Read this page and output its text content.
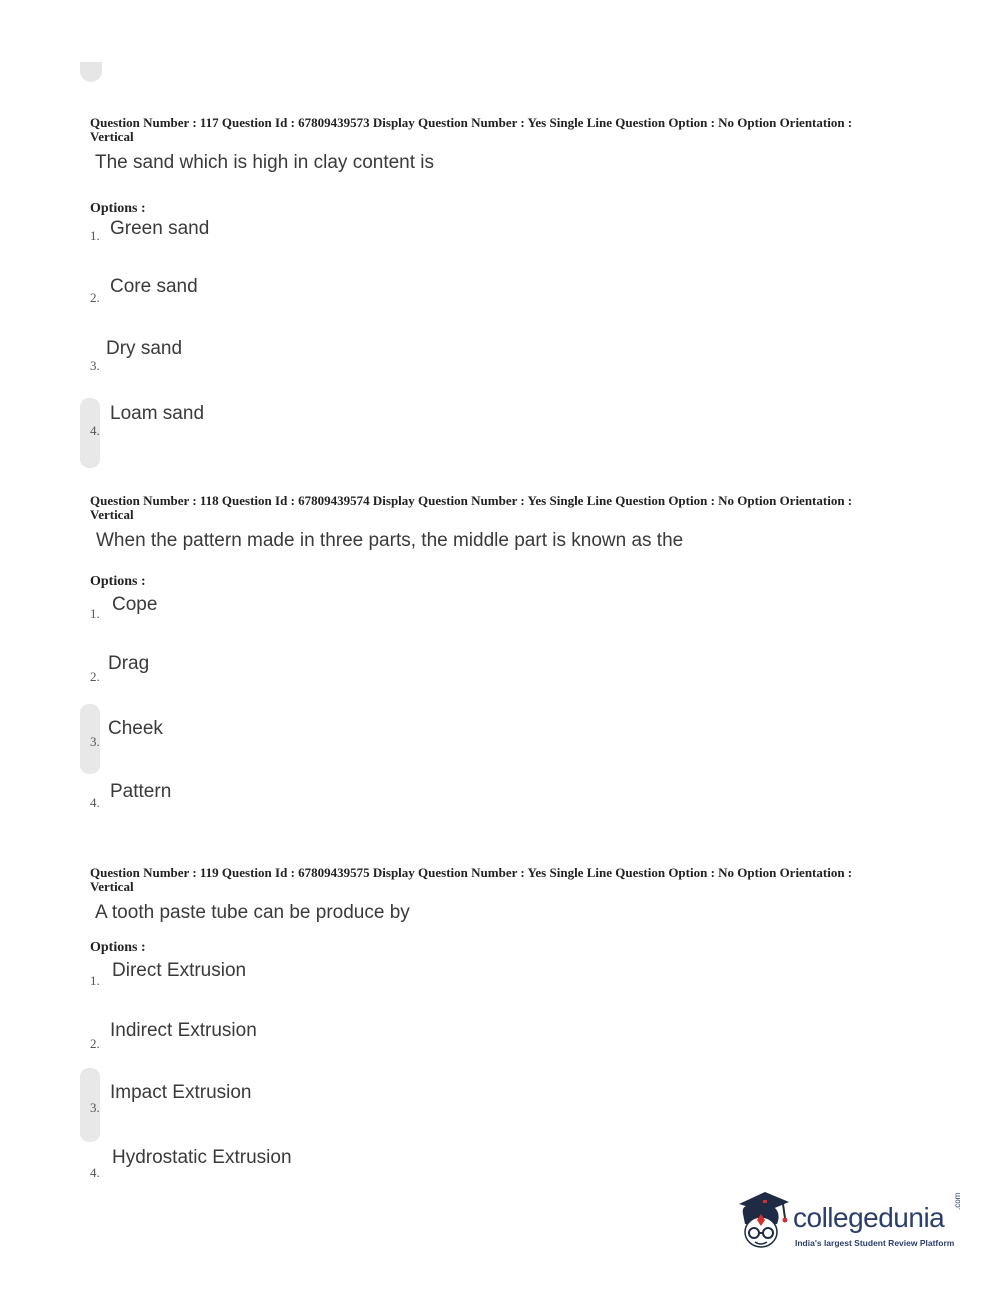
Question Number : 117 Question Id : 67809439573 Display Question Number : Yes Single Line Question Option : No Option Orientation : Vertical

The sand which is high in clay content is
Options :
1. Green sand
2.
Core sand
3.
Dry sand
4.
Loam sand

Question Number : 118 Question Id : 67809439574 Display Question Number : Yes Single Line Question Option : No Option Orientation : Vertical

When the pattern made in three parts, the middle part is known as the
Options :
1. Cope
2.
Drag
3.
Cheek
4.
Pattern

Question Number : 119 Question Id : 67809439575 Display Question Number : Yes Single Line Question Option : No Option Orientation : Vertical

A tooth paste tube can be produce by
Options :
1. Direct Extrusion
2.
Indirect Extrusion
3.
Impact Extrusion
4.
Hydrostatic Extrusion
collegedunia
.com
India's largest Student Review Platform
